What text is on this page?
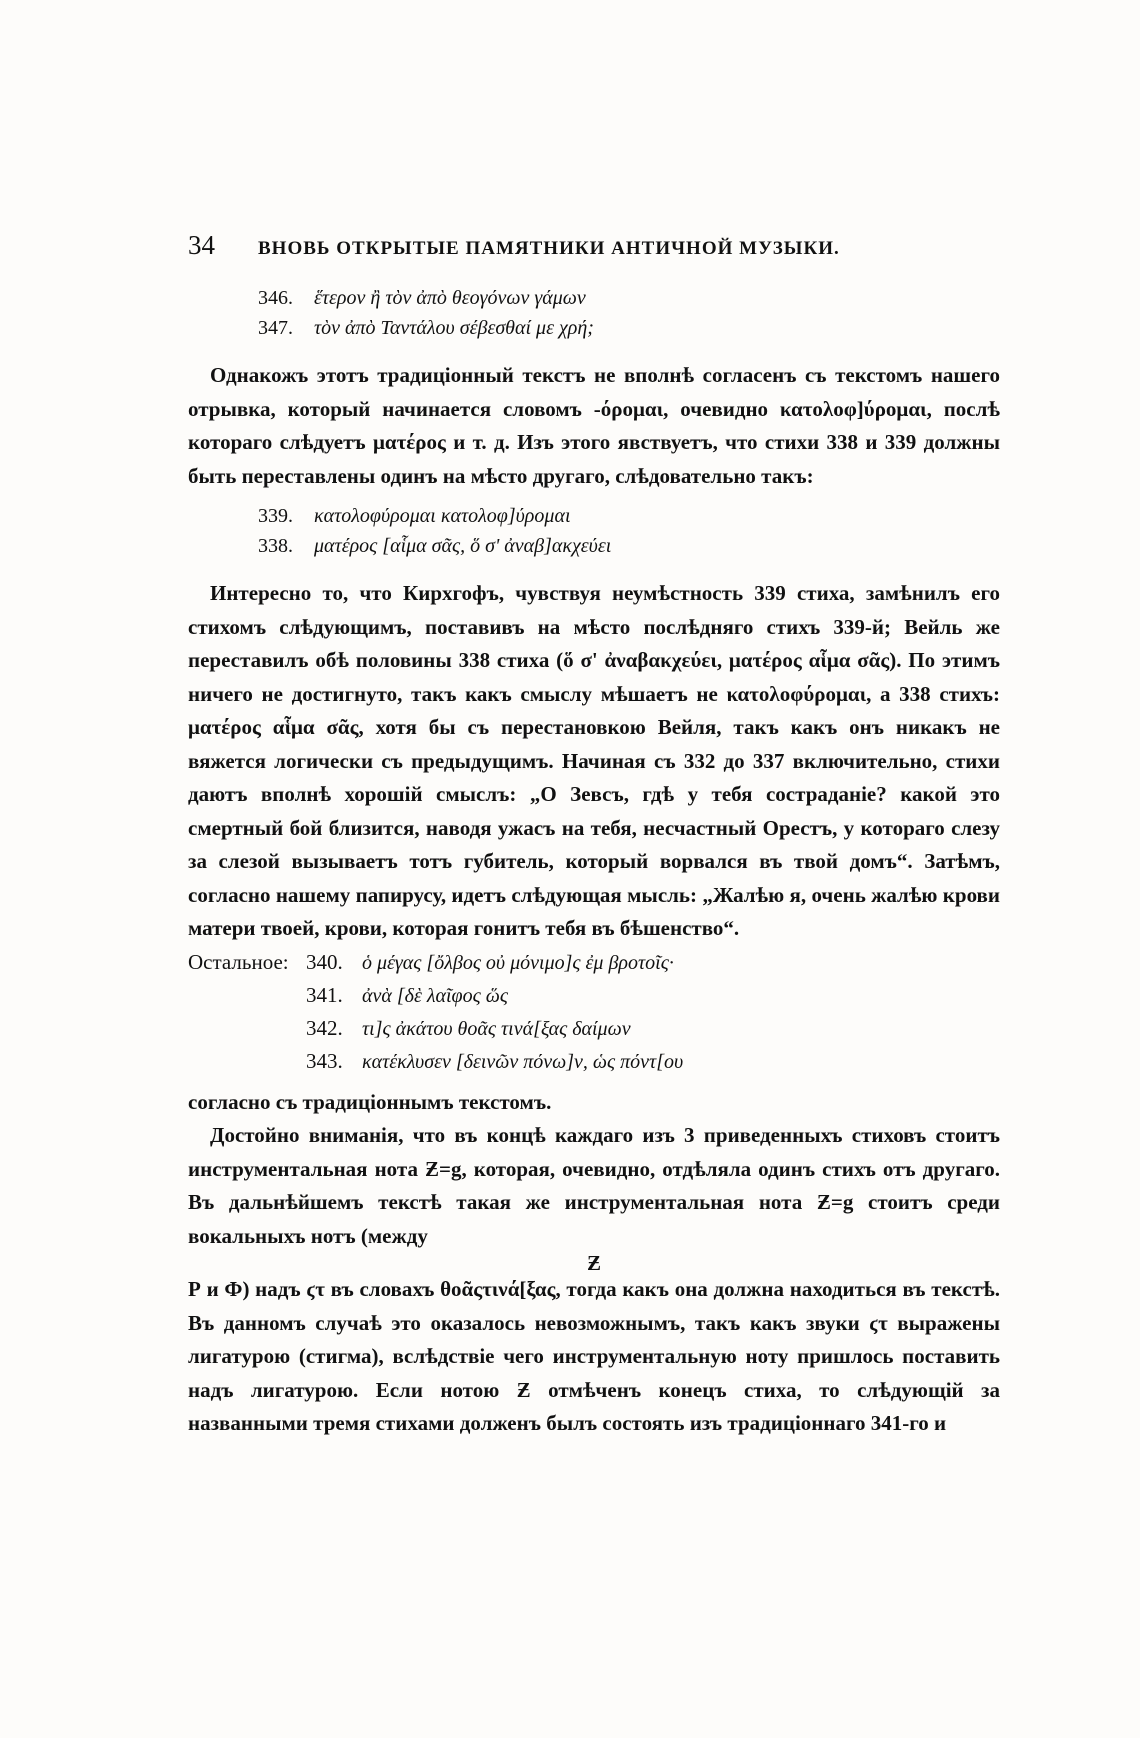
34	ВНОВЬ ОТКРЫТЫЕ ПАМЯТНИКИ АНТИЧНОЙ МУЗЫКИ.
346. ἕτερον ἢ τὸν ἀπὸ θεογόνων γάμων
347. τὸν ἀπὸ Ταντάλου σέβεσθαί με χρή;

Однакожъ этотъ традиціонный текстъ не вполнѣ согласенъ съ текстомъ нашего отрывка, который начинается словомъ -όρομαι, очевидно κατολοφ]ύρομαι, послѣ котораго слѣдуетъ ματέρος и т. д. Изъ этого явствуетъ, что стихи 338 и 339 должны быть переставлены одинъ на мѣсто другаго, слѣдовательно такъ:

339. κατολοφύρομαι κατολοφ]ύρομαι
338. ματέρος [αἷμα σᾶς, ὅ σ' ἀναβ]ακχεύει

Интересно то, что Кирхгофъ, чувствуя неумѣстность 339 стиха, замѣнилъ его стихомъ слѣдующимъ, поставивъ на мѣсто послѣдняго стихъ 339-й; Вейль же переставилъ обѣ половины 338 стиха (ὅ σ' ἀναβακχεύει, ματέρος αἷμα σᾶς). По этимъ ничего не достигнуто, такъ какъ смыслу мѣшаетъ не κατολοφύρομαι, а 338 стихъ: ματέρος αἷμα σᾶς, хотя бы съ перестановкою Вейля, такъ какъ онъ никакъ не вяжется логически съ предыдущимъ. Начиная съ 332 до 337 включительно, стихи даютъ вполнѣ хорошій смыслъ: „О Зевсъ, гдѣ у тебя состраданіе? какой это смертный бой близится, наводя ужасъ на тебя, несчастный Орестъ, у котораго слезу за слезой вызываетъ тотъ губитель, который ворвался въ твой домъ“. Затѣмъ, согласно нашему папирусу, идетъ слѣдующая мысль: „Жалѣю я, очень жалѣю крови матери твоей, крови, которая гонитъ тебя въ бѣшенство“.

Остальное: 340. ὁ μέγας [ὄλβος οὐ μόνιμο]ς ἐμ βροτοῖς·
341. ἀνὰ [δὲ λαῖφος ὥς
342. τι]ς ἀκάτου θοᾶς τινά[ξας δαίμων
343. κατέκλυσεν [δεινῶν πόνω]ν, ὡς πόντ[ου

согласно съ традиціоннымъ текстомъ.

Достойно вниманія, что въ концѣ каждаго изъ 3 приведенныхъ стиховъ стоитъ инструментальная нота Ƶ=g, которая, очевидно, отдѣляла одинъ стихъ отъ другаго. Въ дальнѣйшемъ текстѣ такая же инструментальная нота Ƶ=g стоитъ среди вокальныхъ нотъ (между

Ƶ

Р и Ф) надъ ϛτ въ словахъ θοᾶςτινά[ξας, тогда какъ она должна находиться въ текстѣ. Въ данномъ случаѣ это оказалось невозможнымъ, такъ какъ звуки ϛτ выражены лигатурою (стигма), вслѣдствіе чего инструментальную ноту пришлось поставить надъ лигатурою. Если нотою Ƶ отмѣченъ конецъ стиха, то слѣдующій за названными тремя стихами долженъ былъ состоять изъ традиціоннаго 341-го и
